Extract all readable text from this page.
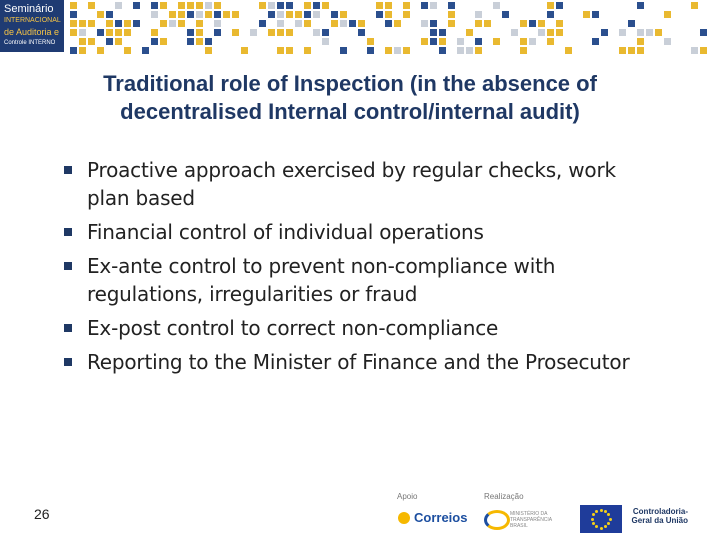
Seminário
INTERNACIONAL
de Auditoria e
Controle INTERNO
Traditional role of Inspection (in the absence of decentralised Internal control/internal audit)
Proactive approach exercised by regular checks, work plan based
Financial control of individual operations
Ex-ante control to prevent non-compliance with regulations, irregularities or fraud
Ex-post control to correct non-compliance
Reporting to the Minister of Finance and the Prosecutor
26
Apoio	Realização
Correios	MINISTÉRIO DA TRANSPARÊNCIA BRASIL
Controladoria-Geral da União
